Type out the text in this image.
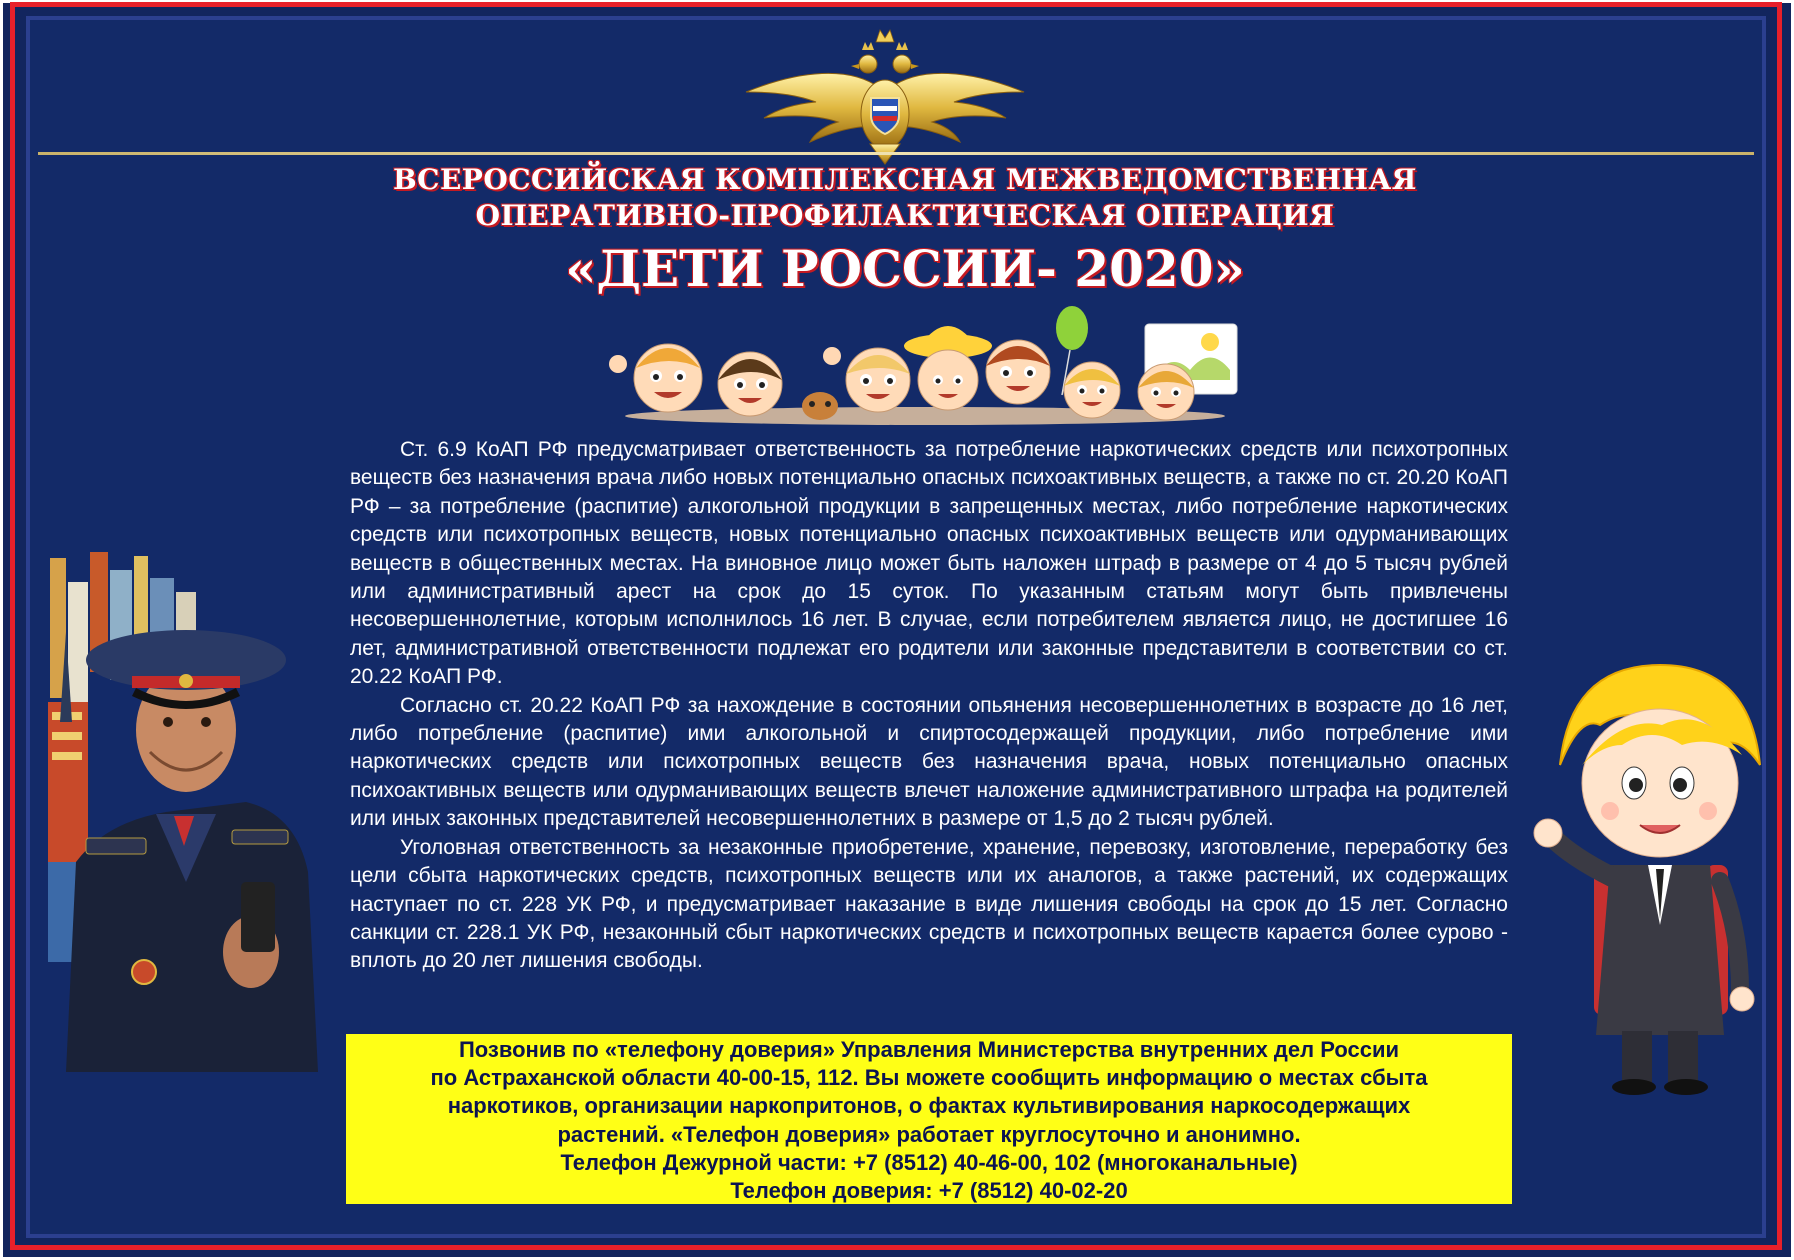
ВСЕРОССИЙСКАЯ КОМПЛЕКСНАЯ МЕЖВЕДОМСТВЕННАЯ
ОПЕРАТИВНО-ПРОФИЛАКТИЧЕСКАЯ ОПЕРАЦИЯ
«ДЕТИ РОССИИ- 2020»

Ст. 6.9 КоАП РФ предусматривает ответственность за потребление наркотических средств или психотропных веществ без назначения врача либо новых потенциально опасных психоактивных веществ, а также по ст. 20.20 КоАП РФ – за потребление (распитие) алкогольной продукции в запрещенных местах, либо потребление наркотических средств или психотропных веществ, новых потенциально опасных психоактивных веществ или одурманивающих веществ в общественных местах. На виновное лицо может быть наложен штраф в размере от 4 до 5 тысяч рублей или административный арест на срок до 15 суток. По указанным статьям могут быть привлечены несовершеннолетние, которым исполнилось 16 лет. В случае, если потребителем является лицо, не достигшее 16 лет, административной ответственности подлежат его родители или законные представители в соответствии со ст. 20.22 КоАП РФ.

Согласно ст. 20.22 КоАП РФ за нахождение в состоянии опьянения несовершеннолетних в возрасте до 16 лет, либо потребление (распитие) ими алкогольной и спиртосодержащей продукции, либо потребление ими наркотических средств или психотропных веществ без назначения врача, новых потенциально опасных психоактивных веществ или одурманивающих веществ влечет наложение административного штрафа на родителей или иных законных представителей несовершеннолетних в размере от 1,5 до 2 тысяч рублей.

Уголовная ответственность за незаконные приобретение, хранение, перевозку, изготовление, переработку без цели сбыта наркотических средств, психотропных веществ или их аналогов, а также растений, их содержащих наступает по ст. 228 УК РФ, и предусматривает наказание в виде лишения свободы на срок до 15 лет. Согласно санкции ст. 228.1 УК РФ, незаконный сбыт наркотических средств и психотропных веществ карается более сурово - вплоть до 20 лет лишения свободы.

Позвонив по «телефону доверия» Управления Министерства внутренних дел России
по Астраханской области 40-00-15, 112. Вы можете сообщить информацию о местах сбыта
наркотиков, организации наркопритонов, о фактах культивирования наркосодержащих
растений. «Телефон доверия» работает круглосуточно и анонимно.
Телефон Дежурной части: +7 (8512) 40-46-00, 102 (многоканальные)
Телефон доверия: +7 (8512) 40-02-20
